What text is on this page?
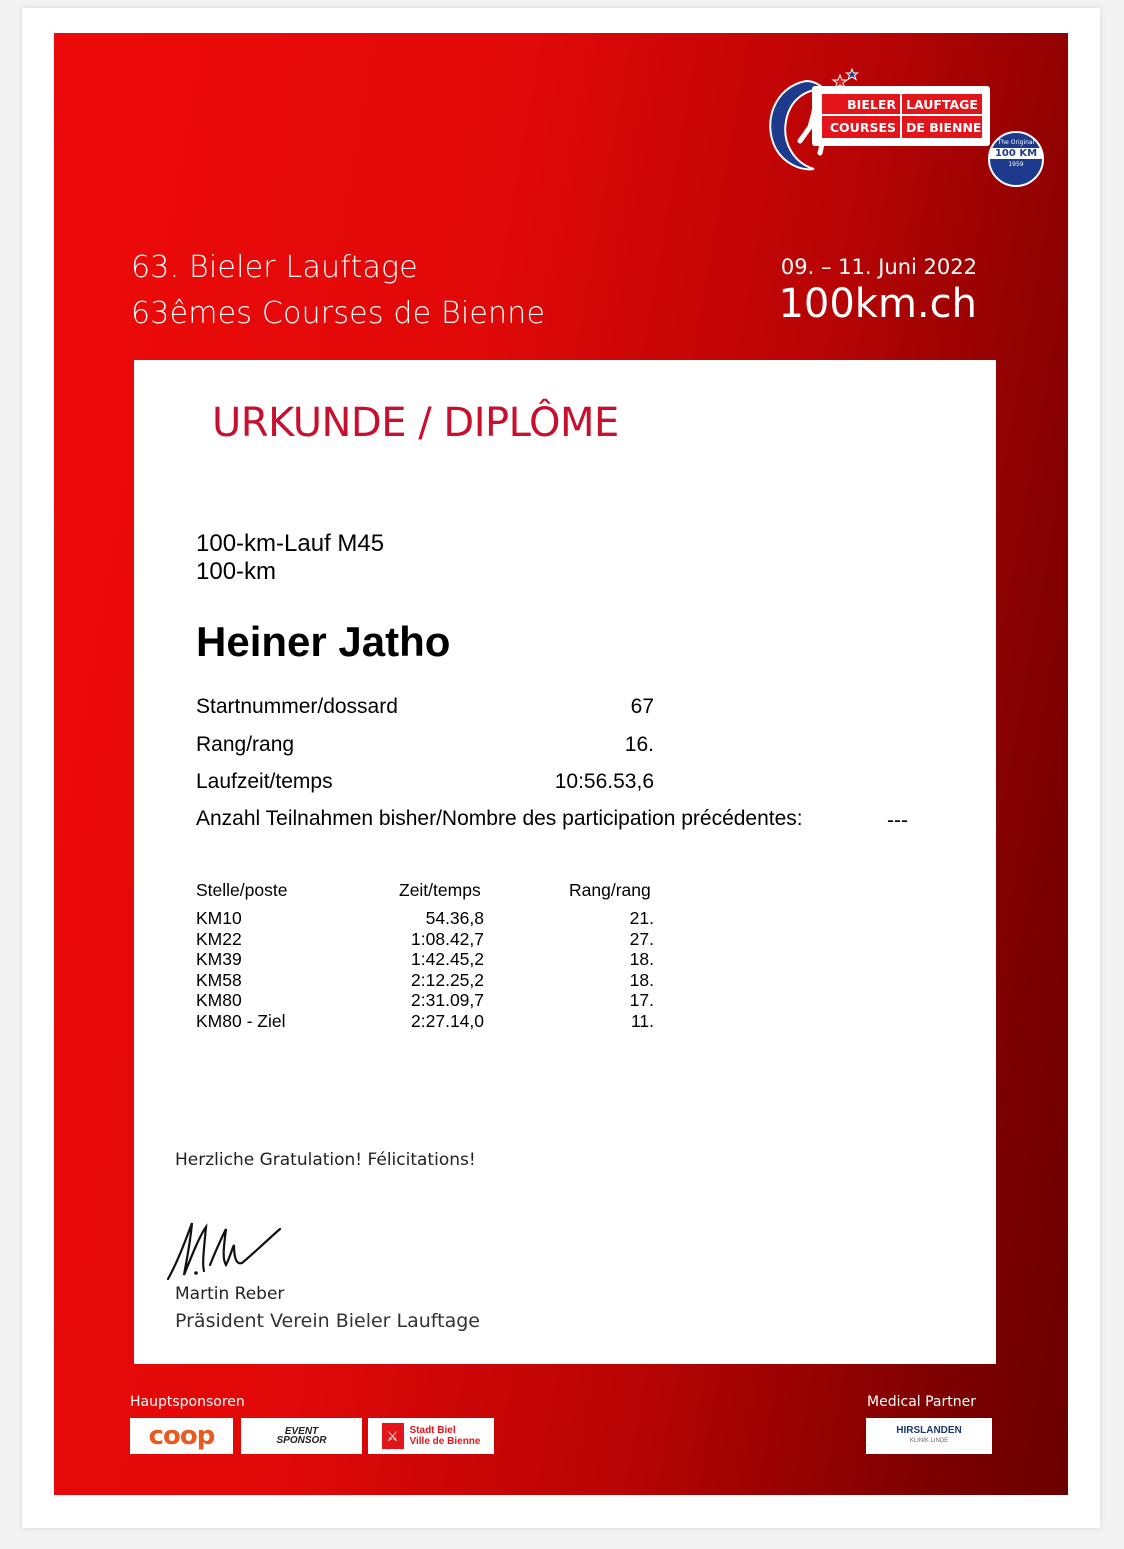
BIELER LAUFTAGE
COURSES DE BIENNE
The Original
100 KM
1959
63. Bieler Lauftage
63êmes Courses de Bienne
09. – 11. Juni 2022
100km.ch
URKUNDE / DIPLÔME
100-km-Lauf M45
100-km
Heiner Jatho
Startnummer/dossard	67
Rang/rang	16.
Laufzeit/temps	10:56.53,6
Anzahl Teilnahmen bisher/Nombre des participation précédentes:	---
Stelle/poste	Zeit/temps	Rang/rang
KM10	54.36,8	21.
KM22	1:08.42,7	27.
KM39	1:42.45,2	18.
KM58	2:12.25,2	18.
KM80	2:31.09,7	17.
KM80 - Ziel	2:27.14,0	11.
Herzliche Gratulation! Félicitations!
Martin Reber
Präsident Verein Bieler Lauftage
Hauptsponsoren	Medical Partner
coop	EVENT
SPONSOR	⚔	Stadt Biel
Ville de Bienne
HIRSLANDEN
KLINIK LINDE
